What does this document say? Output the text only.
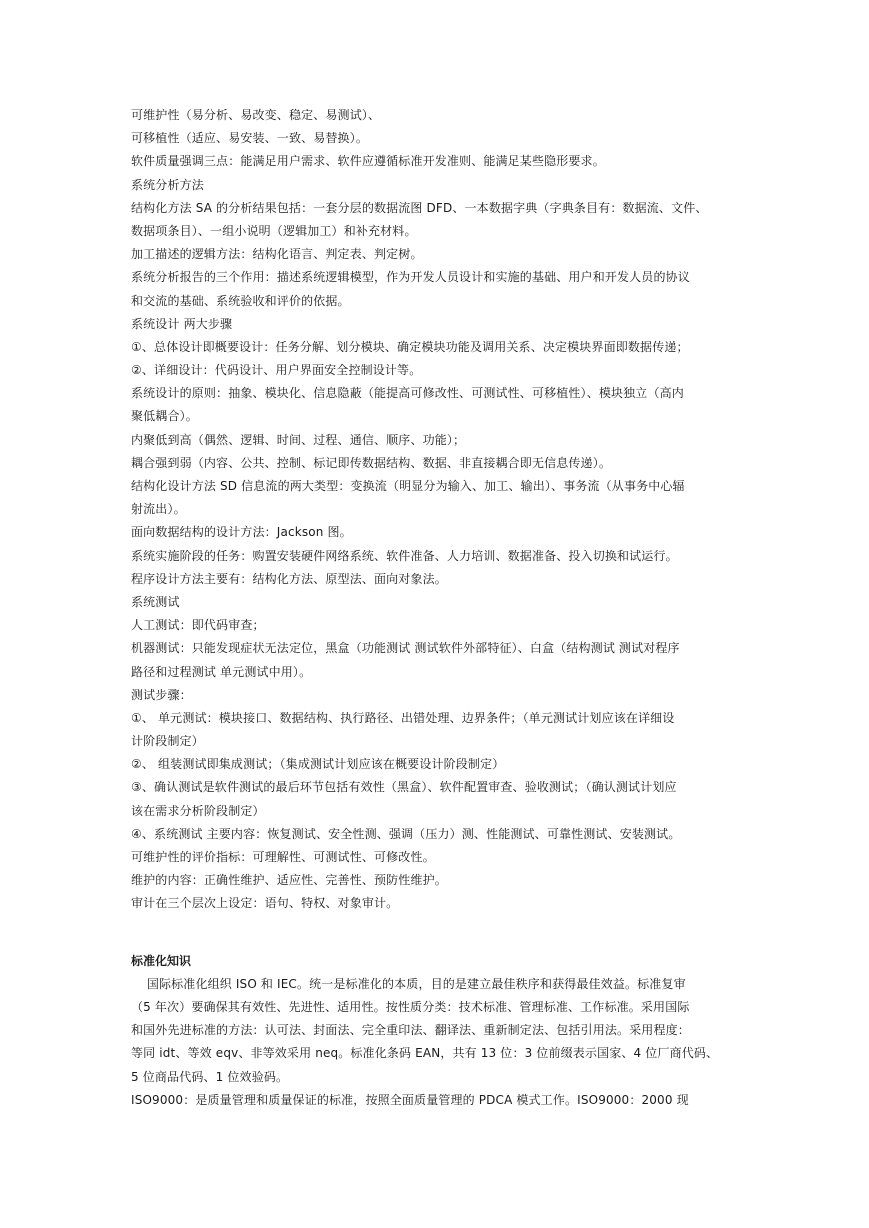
可维护性（易分析、易改变、稳定、易测试）、
可移植性（适应、易安装、一致、易替换）。
软件质量强调三点：能满足用户需求、软件应遵循标准开发准则、能满足某些隐形要求。
系统分析方法
结构化方法 SA 的分析结果包括：一套分层的数据流图 DFD、一本数据字典（字典条目有：数据流、文件、
数据项条目）、一组小说明（逻辑加工）和补充材料。
加工描述的逻辑方法：结构化语言、判定表、判定树。
系统分析报告的三个作用：描述系统逻辑模型，作为开发人员设计和实施的基础、用户和开发人员的协议
和交流的基础、系统验收和评价的依据。
系统设计 两大步骤
①、总体设计即概要设计：任务分解、划分模块、确定模块功能及调用关系、决定模块界面即数据传递；
②、详细设计：代码设计、用户界面安全控制设计等。
系统设计的原则：抽象、模块化、信息隐蔽（能提高可修改性、可测试性、可移植性）、模块独立（高内
聚低耦合）。
内聚低到高（偶然、逻辑、时间、过程、通信、顺序、功能）；
耦合强到弱（内容、公共、控制、标记即传数据结构、数据、非直接耦合即无信息传递）。
结构化设计方法 SD 信息流的两大类型：变换流（明显分为输入、加工、输出）、事务流（从事务中心辐
射流出）。
面向数据结构的设计方法：Jackson 图。
系统实施阶段的任务：购置安装硬件网络系统、软件准备、人力培训、数据准备、投入切换和试运行。
程序设计方法主要有：结构化方法、原型法、面向对象法。
系统测试
人工测试：即代码审查；
机器测试：只能发现症状无法定位，黑盒（功能测试 测试软件外部特征）、白盒（结构测试 测试对程序
路径和过程测试 单元测试中用）。
测试步骤：
①、 单元测试：模块接口、数据结构、执行路径、出错处理、边界条件；（单元测试计划应该在详细设
计阶段制定）
②、 组装测试即集成测试；（集成测试计划应该在概要设计阶段制定）
③、确认测试是软件测试的最后环节包括有效性（黑盒）、软件配置审查、验收测试；（确认测试计划应
该在需求分析阶段制定）
④、系统测试 主要内容：恢复测试、安全性测、强调（压力）测、性能测试、可靠性测试、安装测试。
可维护性的评价指标：可理解性、可测试性、可修改性。
维护的内容：正确性维护、适应性、完善性、预防性维护。
审计在三个层次上设定：语句、特权、对象审计。
标准化知识
国际标准化组织 ISO 和 IEC。统一是标准化的本质，目的是建立最佳秩序和获得最佳效益。标准复审
（5 年次）要确保其有效性、先进性、适用性。按性质分类：技术标准、管理标准、工作标准。采用国际
和国外先进标准的方法：认可法、封面法、完全重印法、翻译法、重新制定法、包括引用法。采用程度：
等同 idt、等效 eqv、非等效采用 neq。标准化条码 EAN，共有 13 位：3 位前缀表示国家、4 位厂商代码、
5 位商品代码、1 位效验码。
ISO9000：是质量管理和质量保证的标准，按照全面质量管理的 PDCA 模式工作。ISO9000：2000 现
